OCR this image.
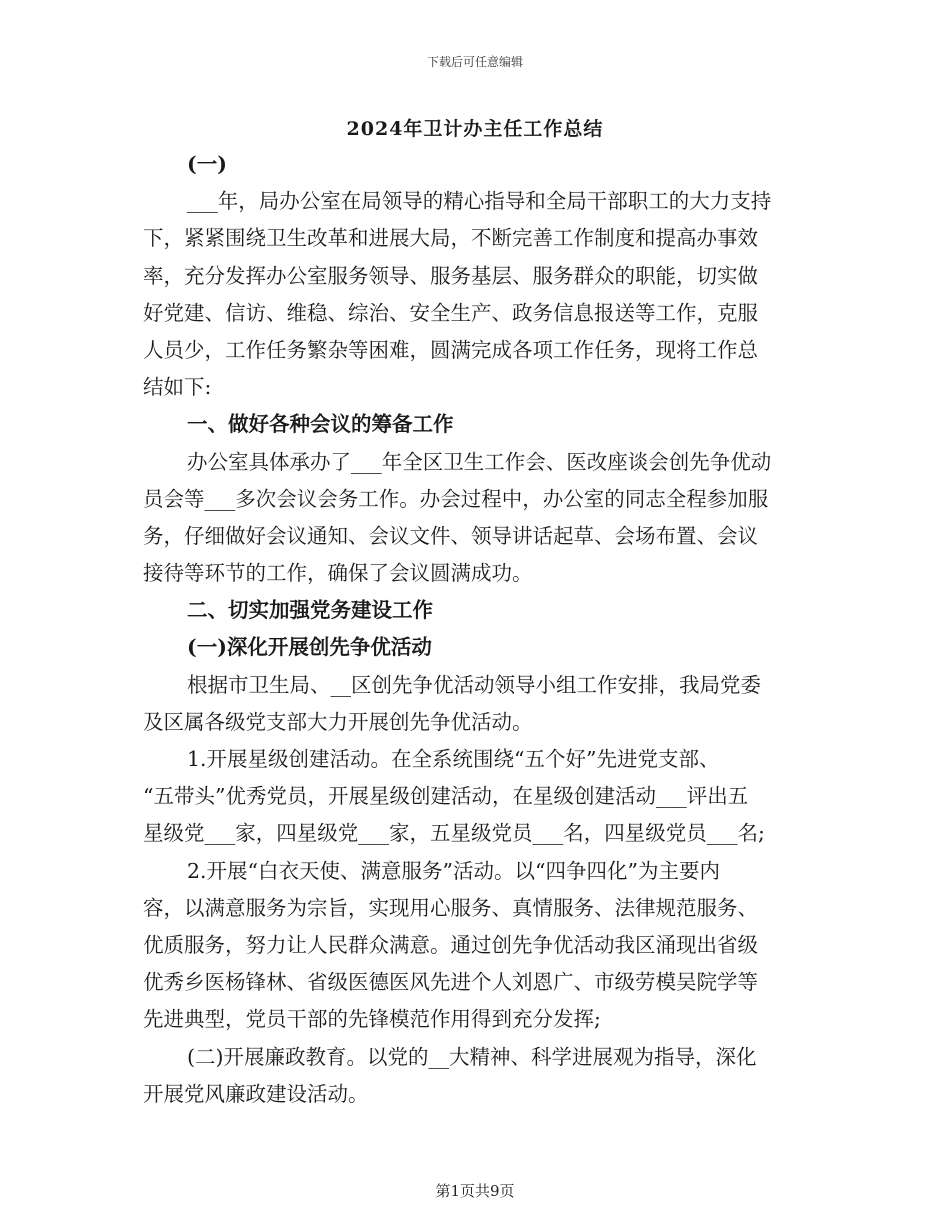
下载后可任意编辑
2024年卫计办主任工作总结
(一)
___年，局办公室在局领导的精心指导和全局干部职工的大力支持
下，紧紧围绕卫生改革和进展大局，不断完善工作制度和提高办事效
率，充分发挥办公室服务领导、服务基层、服务群众的职能，切实做
好党建、信访、维稳、综治、安全生产、政务信息报送等工作，克服
人员少，工作任务繁杂等困难，圆满完成各项工作任务，现将工作总
结如下:
一、做好各种会议的筹备工作
办公室具体承办了___年全区卫生工作会、医改座谈会创先争优动
员会等___多次会议会务工作。办会过程中，办公室的同志全程参加服
务，仔细做好会议通知、会议文件、领导讲话起草、会场布置、会议
接待等环节的工作，确保了会议圆满成功。
二、切实加强党务建设工作
(一)深化开展创先争优活动
根据市卫生局、__区创先争优活动领导小组工作安排，我局党委
及区属各级党支部大力开展创先争优活动。
1.开展星级创建活动。在全系统围绕“五个好”先进党支部、
“五带头”优秀党员，开展星级创建活动，在星级创建活动___评出五
星级党___家，四星级党___家，五星级党员___名，四星级党员___名;
2.开展“白衣天使、满意服务”活动。以“四争四化”为主要内
容，以满意服务为宗旨，实现用心服务、真情服务、法律规范服务、
优质服务，努力让人民群众满意。通过创先争优活动我区涌现出省级
优秀乡医杨锋林、省级医德医风先进个人刘恩广、市级劳模吴院学等
先进典型，党员干部的先锋模范作用得到充分发挥;
(二)开展廉政教育。以党的__大精神、科学进展观为指导，深化
开展党风廉政建设活动。
第1页共9页
